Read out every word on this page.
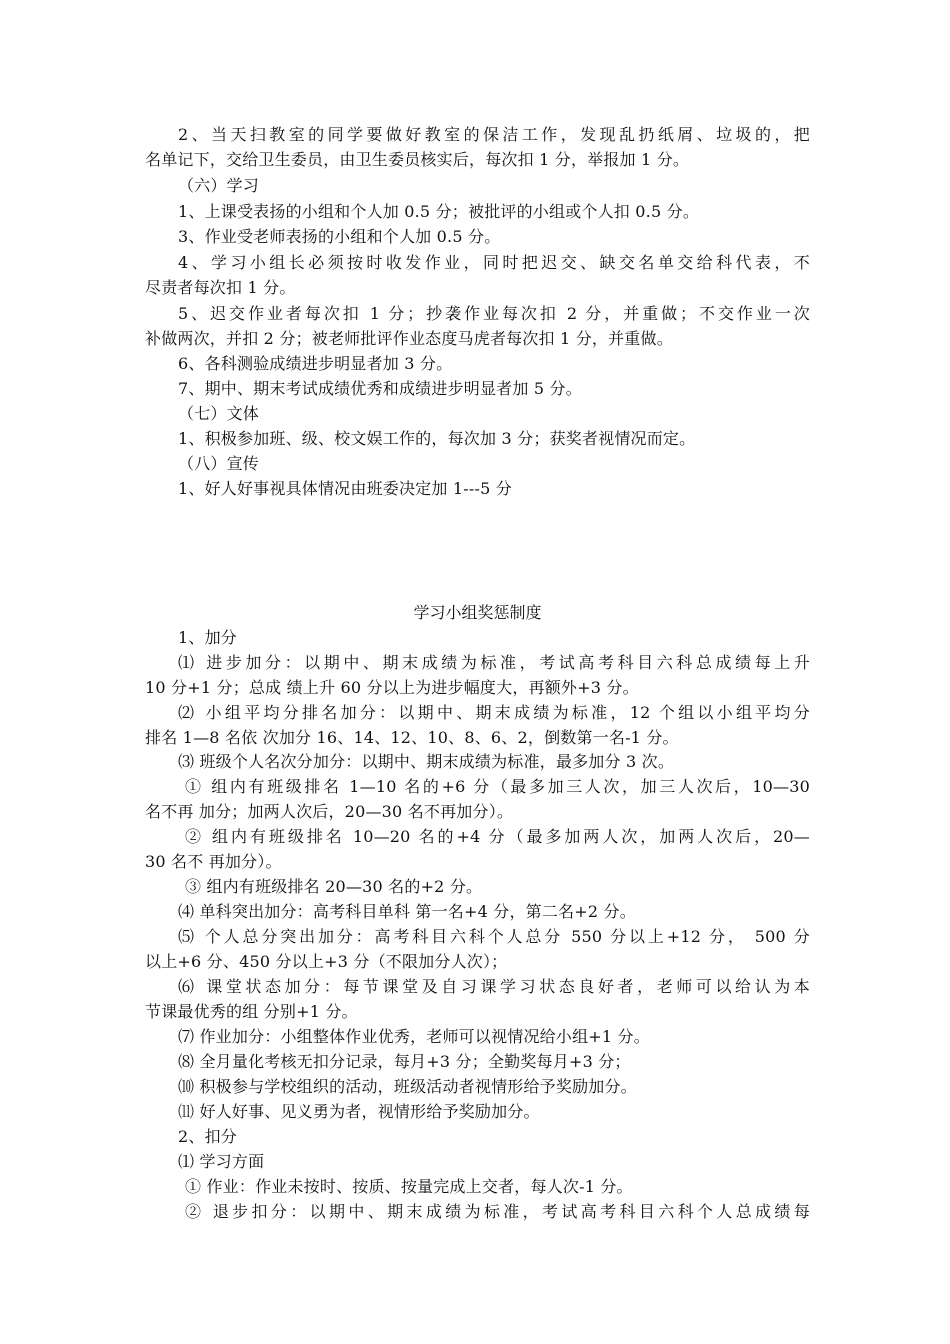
2、当天扫教室的同学要做好教室的保洁工作，发现乱扔纸屑、垃圾的，把
名单记下，交给卫生委员，由卫生委员核实后，每次扣 1 分，举报加 1 分。
（六）学习
1、上课受表扬的小组和个人加 0.5 分；被批评的小组或个人扣 0.5 分。
3、作业受老师表扬的小组和个人加 0.5 分。
4、学习小组长必须按时收发作业，同时把迟交、缺交名单交给科代表，不
尽责者每次扣 1 分。
5、迟交作业者每次扣 1 分；抄袭作业每次扣 2 分，并重做；不交作业一次
补做两次，并扣 2 分；被老师批评作业态度马虎者每次扣 1 分，并重做。
6、各科测验成绩进步明显者加 3 分。
7、期中、期末考试成绩优秀和成绩进步明显者加 5 分。
（七）文体
1、积极参加班、级、校文娱工作的，每次加 3 分；获奖者视情况而定。
（八）宣传
1、好人好事视具体情况由班委决定加 1---5 分
学习小组奖惩制度
1、加分
⑴ 进步加分：以期中、期末成绩为标准，考试高考科目六科总成绩每上升
10 分+1 分；总成 绩上升 60 分以上为进步幅度大，再额外+3 分。
⑵ 小组平均分排名加分：以期中、期末成绩为标准，12 个组以小组平均分
排名 1—8 名依 次加分 16、14、12、10、8、6、2，倒数第一名-1 分。
⑶ 班级个人名次分加分：以期中、期末成绩为标准，最多加分 3 次。
① 组内有班级排名 1—10 名的+6 分（最多加三人次，加三人次后，10—30
名不再 加分；加两人次后，20—30 名不再加分）。
② 组内有班级排名 10—20 名的+4 分（最多加两人次，加两人次后，20—
30 名不 再加分）。
③ 组内有班级排名 20—30 名的+2 分。
⑷ 单科突出加分：高考科目单科 第一名+4 分，第二名+2 分。
⑸ 个人总分突出加分：高考科目六科个人总分 550 分以上+12 分， 500 分
以上+6 分、450 分以上+3 分（不限加分人次）；
⑹ 课堂状态加分：每节课堂及自习课学习状态良好者，老师可以给认为本
节课最优秀的组 分别+1 分。
⑺ 作业加分：小组整体作业优秀，老师可以视情况给小组+1 分。
⑻ 全月量化考核无扣分记录，每月+3 分；全勤奖每月+3 分；
⑽ 积极参与学校组织的活动，班级活动者视情形给予奖励加分。
⑾ 好人好事、见义勇为者，视情形给予奖励加分。
2、扣分
⑴ 学习方面
① 作业：作业未按时、按质、按量完成上交者，每人次-1 分。
② 退步扣分：以期中、期末成绩为标准，考试高考科目六科个人总成绩每
